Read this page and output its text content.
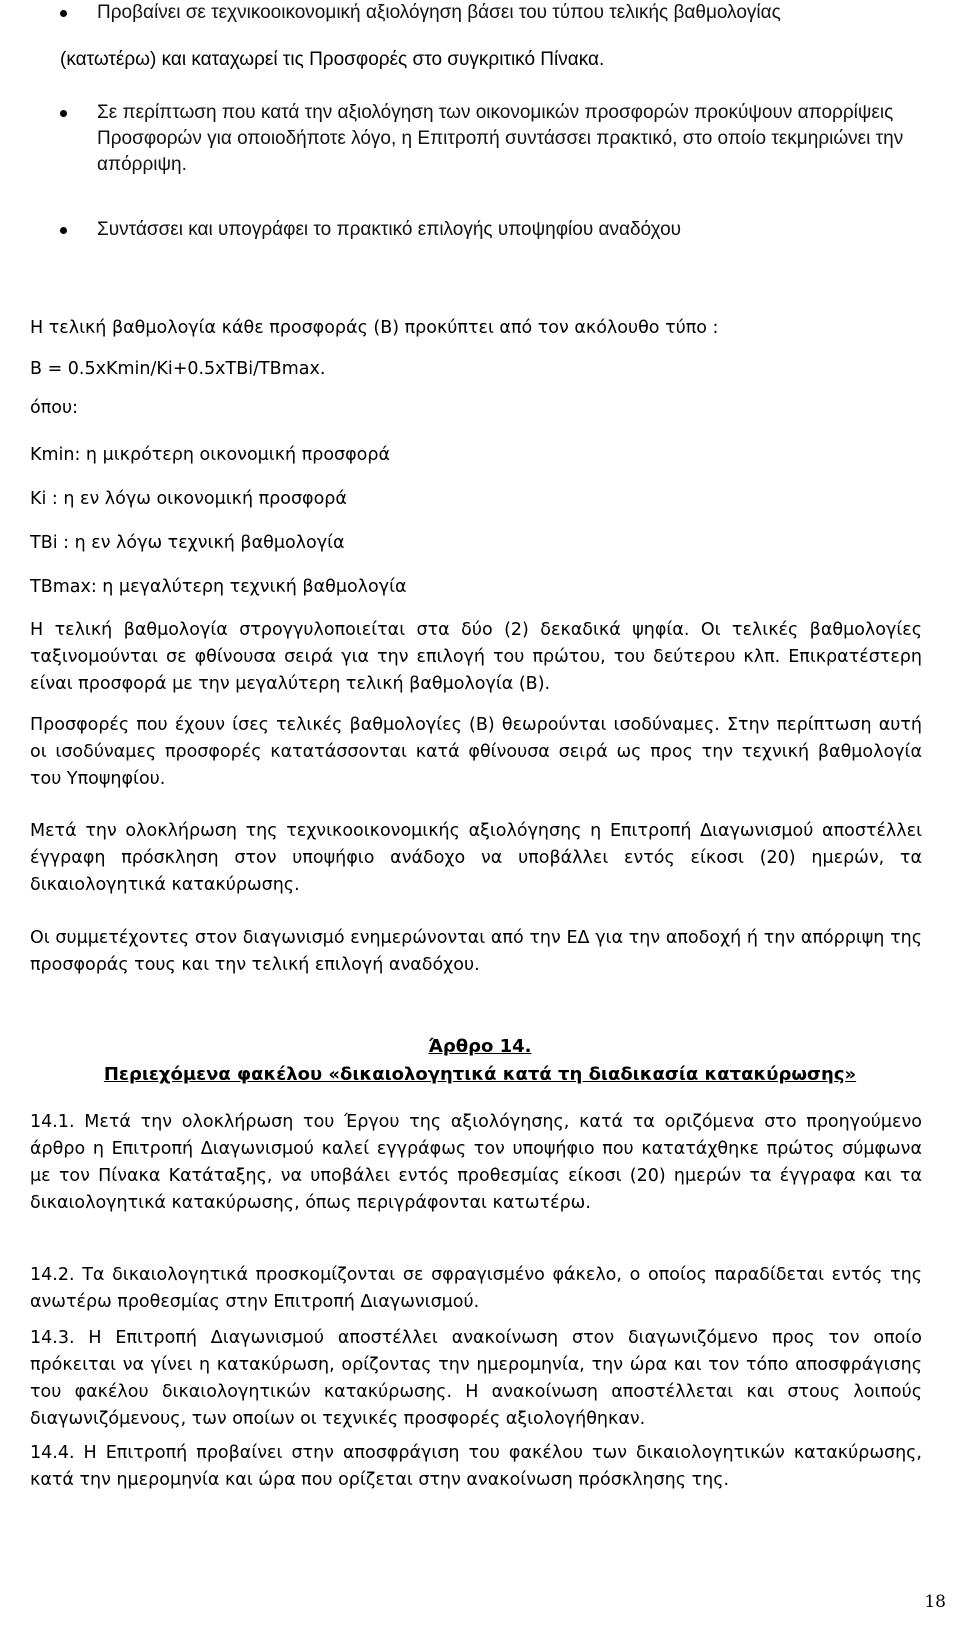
Προβαίνει σε τεχνικοοικονομική αξιολόγηση βάσει του τύπου τελικής βαθμολογίας
(κατωτέρω) και καταχωρεί τις Προσφορές στο συγκριτικό Πίνακα.
Σε περίπτωση που κατά την αξιολόγηση των οικονομικών προσφορών προκύψουν απορρίψεις Προσφορών για οποιοδήποτε λόγο, η Επιτροπή συντάσσει πρακτικό, στο οποίο τεκμηριώνει την απόρριψη.
Συντάσσει και υπογράφει το πρακτικό επιλογής υποψηφίου αναδόχου
Η τελική βαθμολογία κάθε προσφοράς (Β) προκύπτει από τον ακόλουθο τύπο :
B = 0.5xKmin/Ki+0.5xTBi/TBmax.
όπου:
Kmin: η μικρότερη οικονομική προσφορά
Ki : η εν λόγω οικονομική προσφορά
TBi : η εν λόγω τεχνική βαθμολογία
TBmax: η μεγαλύτερη τεχνική βαθμολογία
Η τελική βαθμολογία στρογγυλοποιείται στα δύο (2) δεκαδικά ψηφία. Οι τελικές βαθμολογίες ταξινομούνται σε φθίνουσα σειρά για την επιλογή του πρώτου, του δεύτερου κλπ. Επικρατέστερη είναι προσφορά με την μεγαλύτερη τελική βαθμολογία (Β).
Προσφορές που έχουν ίσες τελικές βαθμολογίες (Β) θεωρούνται ισοδύναμες. Στην περίπτωση αυτή οι ισοδύναμες προσφορές κατατάσσονται κατά φθίνουσα σειρά ως προς την τεχνική βαθμολογία του Υποψηφίου.
Μετά την ολοκλήρωση της τεχνικοοικονομικής αξιολόγησης η Επιτροπή Διαγωνισμού αποστέλλει έγγραφη πρόσκληση στον υποψήφιο ανάδοχο να υποβάλλει εντός είκοσι (20) ημερών, τα δικαιολογητικά κατακύρωσης.
Οι συμμετέχοντες στον διαγωνισμό ενημερώνονται από την ΕΔ για την αποδοχή ή την απόρριψη της προσφοράς τους και την τελική επιλογή αναδόχου.
Άρθρο 14.
Περιεχόμενα φακέλου «δικαιολογητικά κατά τη διαδικασία κατακύρωσης»
14.1. Μετά την ολοκλήρωση του Έργου της αξιολόγησης, κατά τα οριζόμενα στο προηγούμενο άρθρο η Επιτροπή Διαγωνισμού καλεί εγγράφως τον υποψήφιο που κατατάχθηκε πρώτος σύμφωνα με τον Πίνακα Κατάταξης, να υποβάλει εντός προθεσμίας είκοσι (20) ημερών τα έγγραφα και τα δικαιολογητικά κατακύρωσης, όπως περιγράφονται κατωτέρω.
14.2. Τα δικαιολογητικά προσκομίζονται σε σφραγισμένο φάκελο, ο οποίος παραδίδεται εντός της ανωτέρω προθεσμίας στην Επιτροπή Διαγωνισμού.
14.3. Η Επιτροπή Διαγωνισμού αποστέλλει ανακοίνωση στον διαγωνιζόμενο προς τον οποίο πρόκειται να γίνει η κατακύρωση, ορίζοντας την ημερομηνία, την ώρα και τον τόπο αποσφράγισης του φακέλου δικαιολογητικών κατακύρωσης. Η ανακοίνωση αποστέλλεται και στους λοιπούς διαγωνιζόμενους, των οποίων οι τεχνικές προσφορές αξιολογήθηκαν.
14.4. Η Επιτροπή προβαίνει στην αποσφράγιση του φακέλου των δικαιολογητικών κατακύρωσης, κατά την ημερομηνία και ώρα που ορίζεται στην ανακοίνωση πρόσκλησης της.
18
